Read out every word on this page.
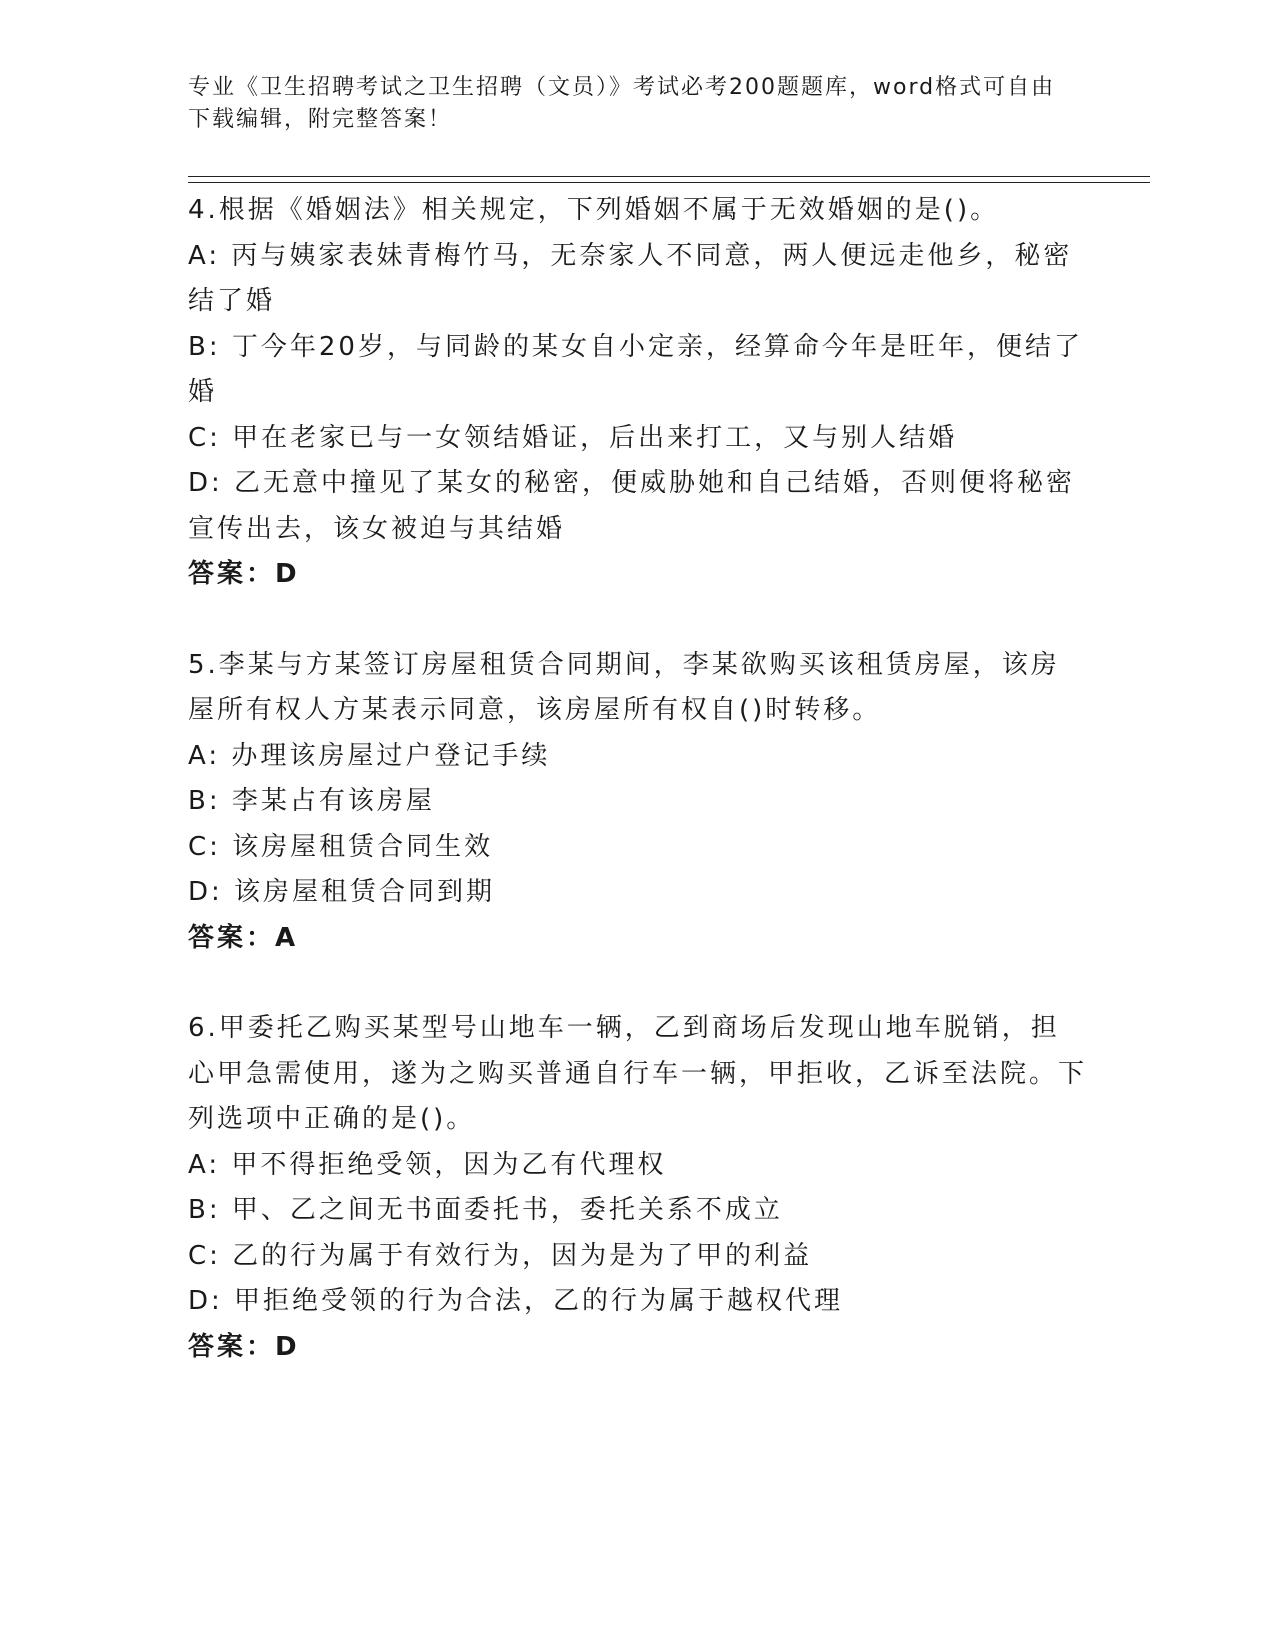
专业《卫生招聘考试之卫生招聘（文员）》考试必考200题题库，word格式可自由下载编辑，附完整答案！

4.根据《婚姻法》相关规定，下列婚姻不属于无效婚姻的是()。

A: 丙与姨家表妹青梅竹马，无奈家人不同意，两人便远走他乡，秘密结了婚

B: 丁今年20岁，与同龄的某女自小定亲，经算命今年是旺年，便结了婚

C: 甲在老家已与一女领结婚证，后出来打工，又与别人结婚

D: 乙无意中撞见了某女的秘密，便威胁她和自己结婚，否则便将秘密宣传出去，该女被迫与其结婚

答案：D

5.李某与方某签订房屋租赁合同期间，李某欲购买该租赁房屋，该房屋所有权人方某表示同意，该房屋所有权自()时转移。

A: 办理该房屋过户登记手续

B: 李某占有该房屋

C: 该房屋租赁合同生效

D: 该房屋租赁合同到期

答案：A

6.甲委托乙购买某型号山地车一辆，乙到商场后发现山地车脱销，担心甲急需使用，遂为之购买普通自行车一辆，甲拒收，乙诉至法院。下列选项中正确的是()。

A: 甲不得拒绝受领，因为乙有代理权

B: 甲、乙之间无书面委托书，委托关系不成立

C: 乙的行为属于有效行为，因为是为了甲的利益

D: 甲拒绝受领的行为合法，乙的行为属于越权代理

答案：D
